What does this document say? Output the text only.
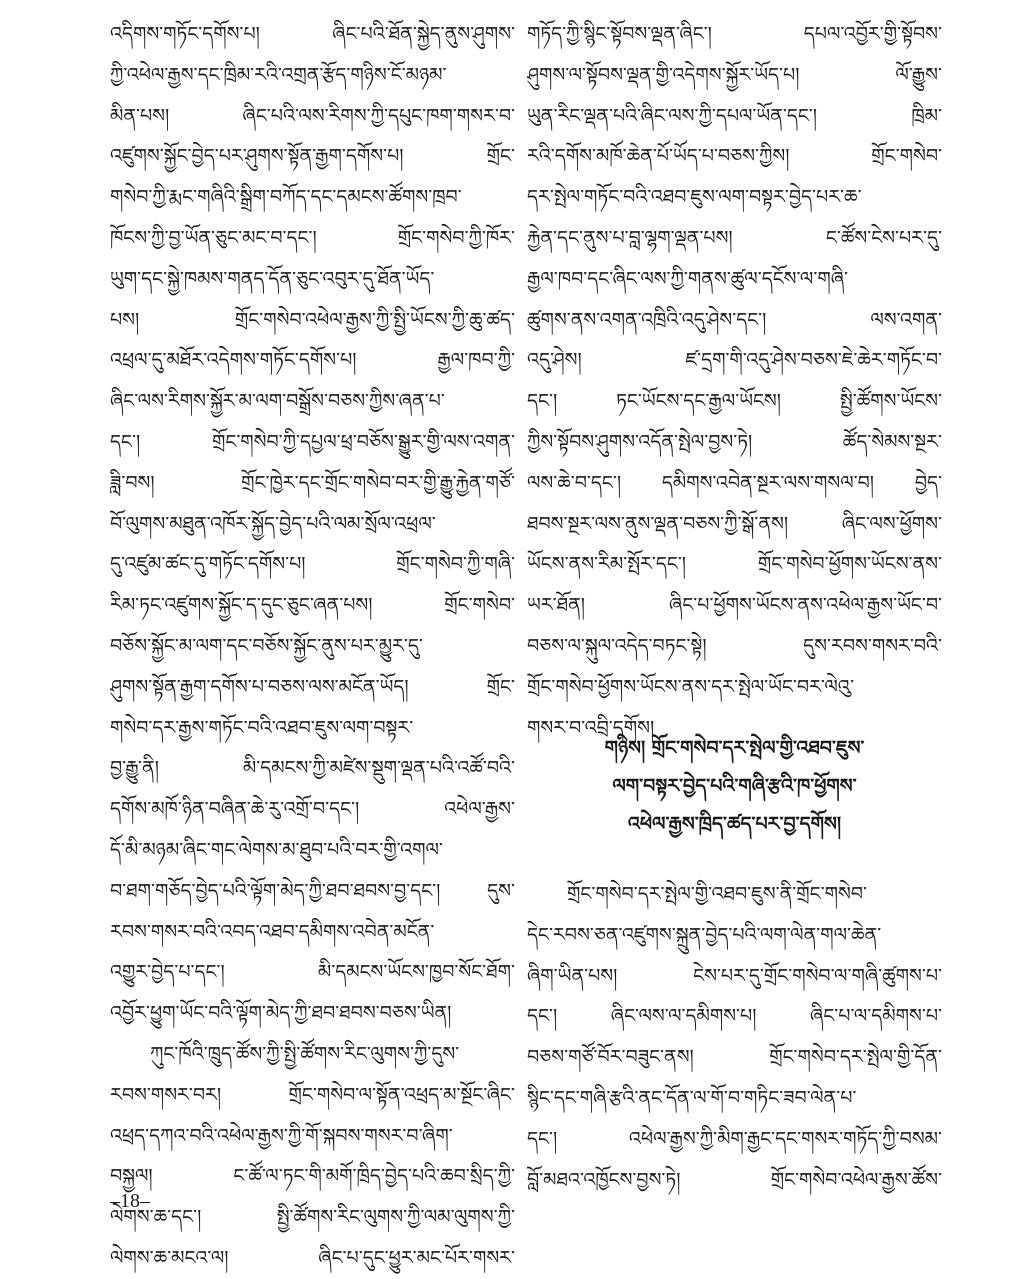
འདིགས་གཏོང་དགོས་པ། ཞིང་པའི་ཐོན་སྐྱེད་ནུས་ཤུགས་
ཀྱི་འཕེལ་རྒྱས་དང་ཁྲིམ་རའི་འགྲན་རྩོད་གཉིས་ངོ་མཉམ་
མིན་པས། ཞིང་པའི་ལས་རིགས་ཀྱི་དཔུང་ཁག་གསར་བ་
འཛུགས་སྐྱོང་བྱེད་པར་ཤུགས་སྟོན་རྒྱག་དགོས་པ། གྲོང་
གསེབ་ཀྱི་རྨང་གཞིའི་སྒྲིག་བཀོད་དང་དམངས་ཚོགས་ཁྲབ་
ཁོངས་ཀྱི་བྱ་ཡོན་ཅུང་མང་བ་དང་། གྲོང་གསེབ་ཀྱི་ཁོར་
ཡུག་དང་སྐྱེ་ཁམས་གནད་དོན་ཅུང་འབུར་དུ་ཐོན་ཡོད་
པས། གྲོང་གསེབ་འཕེལ་རྒྱས་ཀྱི་སྤྱི་ཡོངས་ཀྱི་ཆུ་ཚད་
འཕྲལ་དུ་མཐོར་འདེགས་གཏོང་དགོས་པ། རྒྱལ་ཁབ་ཀྱི་
ཞིང་ལས་རིགས་སྐྱོར་མ་ལག་བསྒྲོས་བཅས་ཀྱིས་ཞན་པ་
དང་། གྲོང་གསེབ་ཀྱི་དཔྱལ་ཕྲ་བཅོས་སྒྱུར་གྱི་ལས་འགན་
ཟླི་བས། གྲོང་ཁྱེར་དང་གྲོང་གསེབ་བར་གྱི་རྒྱུ་རྐྱེན་གཙོ་
བོ་ལུགས་མཐུན་འཁོར་སྐྱོད་བྱེད་པའི་ལམ་སྲོལ་འཕྲལ་
དུ་འཛུམ་ཚང་དུ་གཏོང་དགོས་པ། གྲོང་གསེབ་ཀྱི་གཞི་
རིམ་ཏང་འཛུགས་སྐྱོང་ད་དུང་ཅུང་ཞན་པས། གྲོང་གསེབ་
བཅོས་སྐྱོང་མ་ལག་དང་བཅོས་སྐྱོང་ནུས་པར་མྱུར་དུ་
ཤུགས་སྟོན་རྒྱག་དགོས་པ་བཅས་ལས་མངོན་ཡོད། གྲོང་
གསེབ་དར་རྒྱས་གཏོང་བའི་འཐབ་ཇུས་ལག་བསྟར་
བྱ་རྒྱུ་ནི། མི་དམངས་ཀྱི་མཛེས་སྡུག་ལྡན་པའི་འཚོ་བའི་
དགོས་མཁོ་ཉིན་བཞིན་ཆེ་རུ་འགྲོ་བ་དང་། འཕེལ་རྒྱས་
དོ་མི་མཉམ་ཞིང་གང་ལེགས་མ་ཐུབ་པའི་བར་གྱི་འགལ་
བ་ཐག་གཅོད་བྱེད་པའི་ལྟོག་མེད་ཀྱི་ཐབ་ཐབས་བྱ་དང་། དུས་
རབས་གསར་བའི་འབད་འཐབ་དམིགས་འབེན་མངོན་
འགྱུར་བྱེད་པ་དང་། མི་དམངས་ཡོངས་ཁྱབ་སོང་ཐོག་
འབྱོར་ཕྱུག་ཡོང་བའི་ལྟོག་མེད་ཀྱི་ཐབ་ཐབས་བཅས་ཡིན།
ཀུང་ཁོའི་ཁྲུད་ཚོས་ཀྱི་སྤྱི་ཚོགས་རིང་ལུགས་ཀྱི་དུས་
རབས་གསར་བར། གྲོང་གསེབ་ལ་སྟོན་འཕྲད་མ་སྔོང་ཞིང་
འཕྲད་དཀའ་བའི་འཕེལ་རྒྱས་ཀྱི་གོ་སྐབས་གསར་བ་ཞིག་
བསྐྱལ། ང་ཚོ་ལ་ཏང་གི་མགོ་ཁྲིད་བྱེད་པའི་ཆབ་སྲིད་ཀྱི་
ལེགས་ཆ་དང་། སྤྱི་ཚོགས་རིང་ལུགས་ཀྱི་ལམ་ལུགས་ཀྱི་
ལེགས་ཆ་མངའ་ལ། ཞིང་པ་དུང་ཕྱུར་མང་པོར་གསར་
གཏོད་ཀྱི་སྙིང་སྟོབས་ལྡན་ཞིང་། དཔལ་འབྱོར་གྱི་སྟོབས་
ཤུགས་ལ་སྟོབས་ལྡན་གྱི་འདེགས་སྐྱོར་ཡོད་པ། ལོ་རྒྱུས་
ཡུན་རིང་ལྡན་པའི་ཞིང་ལས་ཀྱི་དཔལ་ཡོན་དང་། ཁྲིམ་
རའི་དགོས་མཁོ་ཆེན་པོ་ཡོད་པ་བཅས་ཀྱིས། གྲོང་གསེབ་
དར་སྤེལ་གཏོང་བའི་འཐབ་ཇུས་ལག་བསྟར་བྱེད་པར་ཆ་
རྐྱེན་དང་ནུས་པ་བླ་ལྷག་ལྡན་པས། ང་ཚོས་ངེས་པར་དུ་
རྒྱལ་ཁབ་དང་ཞིང་ལས་ཀྱི་གནས་ཚུལ་དངོས་ལ་གཞི་
ཚུགས་ནས་འགན་འཁྲིའི་འདུ་ཤེས་དང་། ལས་འགན་
འདུ་ཤེས། ཛ་དྲག་གི་འདུ་ཤེས་བཅས་ཇེ་ཆེར་གཏོང་བ་
དང་། ཏང་ཡོངས་དང་རྒྱལ་ཡོངས། སྤྱི་ཚོགས་ཡོངས་
ཀྱིས་སྟོབས་ཤུགས་འདོན་སྤེལ་བྱས་ཏེ། ཚོད་སེམས་སྔར་
ལས་ཆེ་བ་དང་། དམིགས་འབེན་སྔར་ལས་གསལ་བ། བྱེད་
ཐབས་སྔར་ལས་ནུས་ལྡན་བཅས་ཀྱི་སྒོ་ནས། ཞིང་ལས་ཕྱོགས་
ཡོངས་ནས་རིམ་སྤོར་དང་། གྲོང་གསེབ་ཕྱོགས་ཡོངས་ནས་
ཡར་ཐོན། ཞིང་པ་ཕྱོགས་ཡོངས་ནས་འཕེལ་རྒྱས་ཡོང་བ་
བཅས་ལ་སྐུལ་འདེད་བཏང་སྟེ། དུས་རབས་གསར་བའི་
གྲོང་གསེབ་ཕྱོགས་ཡོངས་ནས་དར་སྤེལ་ཡོང་བར་ལེའུ་
གསར་བ་འབྲི་དགོས།
གཉིས། གྲོང་གསེབ་དར་སྤེལ་གྱི་འཐབ་ཇུས་
ལག་བསྟར་བྱེད་པའི་གཞི་རྩའི་ཁ་ཕྱོགས་
འཕེལ་རྒྱས་ཁྲིད་ཚད་པར་བྱ་དགོས།
གྲོང་གསེབ་དར་སྤེལ་གྱི་འཐབ་ཇུས་ནི་གྲོང་གསེབ་
དེང་རབས་ཅན་འཛུགས་སྐྲུན་བྱེད་པའི་ལག་ལེན་གལ་ཆེན་
ཞིག་ཡིན་པས། ངེས་པར་དུ་གྲོང་གསེབ་ལ་གཞི་ཚུགས་པ་
དང་། ཞིང་ལས་ལ་དམིགས་པ། ཞིང་པ་ལ་དམིགས་པ་
བཅས་གཙོ་བོར་བཟུང་ནས། གྲོང་གསེབ་དར་སྤེལ་གྱི་དོན་
སྙིང་དང་གཞི་རྩའི་ནང་དོན་ལ་གོ་བ་གཏིང་ཟབ་ལེན་པ་
དང་། འཕེལ་རྒྱས་ཀྱི་མིག་རྒྱང་དང་གསར་གཏོད་ཀྱི་བསམ་
བློ་མཐའ་འཁྱོངས་བྱས་ཏེ། གྲོང་གསེབ་འཕེལ་རྒྱས་ཚོས་
–18–
